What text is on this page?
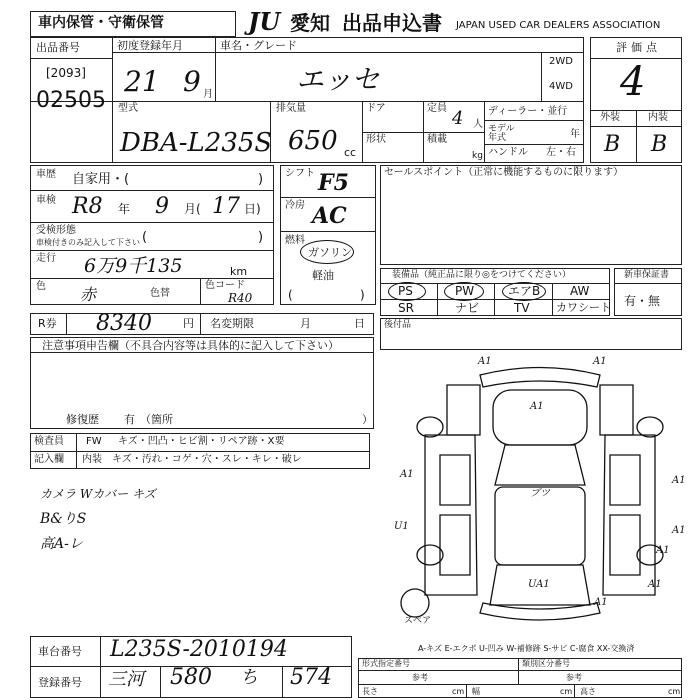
車内保管・守衛保管	JU 愛知 出品申込書 JAPAN USED CAR DEALERS ASSOCIATION
出品番号
[2093]
02505
初度登録年月
21 9 月
車名・グレード
エッセ
2WD
4WD
型式
DBA-L235S
排気量
650 cc
ドア
形状
定員 4 人
積載
kg
ディーラー・並行
モデル年式	年
ハンドル 左・右
評価点
4
外装	内装
B B
車歴 自家用・(	)
車検 R8 年 9 月( 17 日)
受検形態
車検付きのみ記入して下さい (	)
走行 6万9千135	km
色 赤	色替
色コード
R40
シフト F5
冷房 AC
燃料
ガソリン
軽油
(	)
セールスポイント（正常に機能するものに限ります）
装備品（純正品に限り◎をつけてください）
PS	PW	エアB AW
SR	ナビ	TV カワシート
新車保証書
有・無
R券 8340	円 名変期限	月	日 後付品
注意事項申告欄（不具合内容等は具体的に記入して下さい）
修復歴 有 （箇所	）
検査員
記入欄
FW キズ・凹凸・ヒビ割・リペア跡・X要
内装 キズ・汚れ・コゲ・穴・スレ・キレ・破レ
カメラ Wカバー キズ
B&りS
高A-レ
A1	A1
A1
A1
A1
U1	A1
ブツ
A1
UA1
A1
A1
スペア
A-キズ E-エクボ U-凹み W-補修跡 S-サビ C-腐食 XX-交換済
車台番号 L235S-2010194
登録番号 三河 580 ち 574
形式指定番号
参考
類別区分番号
参考
長さ	cm 幅	cm 高さ	cm
